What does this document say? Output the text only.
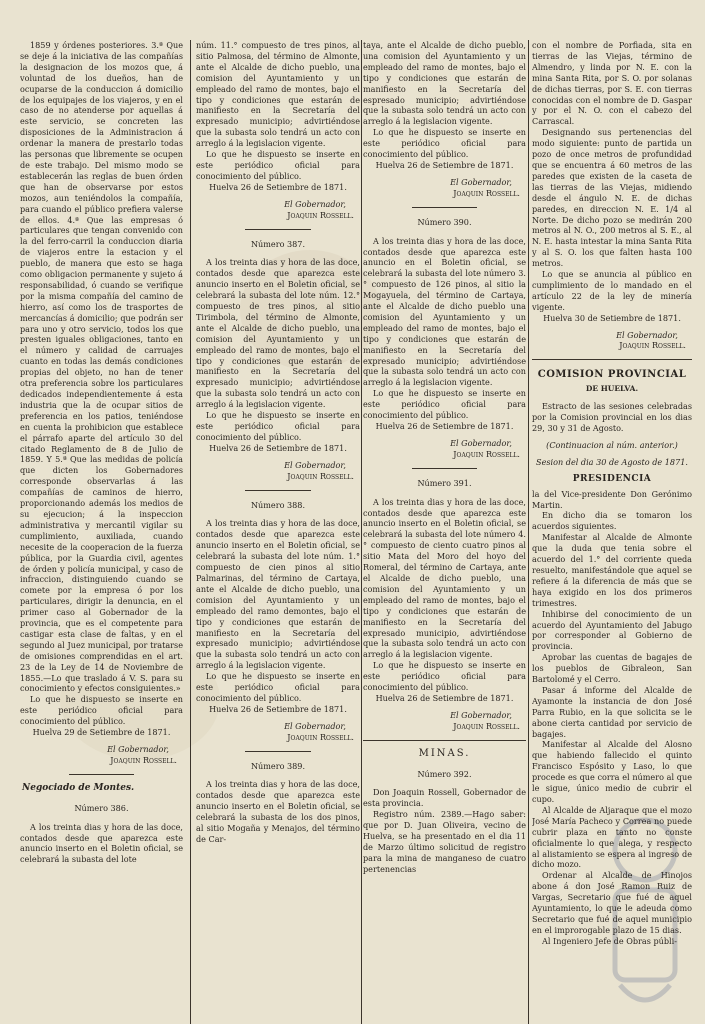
1859 y órdenes posteriores. 3.ª Que se deje á la iniciativa de las compañías la designacion de los mozos que, á voluntad de los dueños, han de ocuparse de la conduccion á domicilio de los equipajes de los viajeros, y en el caso de no atenderse por aquellas á este servicio, se concreten las disposiciones de la Administracion á ordenar la manera de prestarlo todas las personas que libremente se ocupen de este trabajo. Del mismo modo se establecerán las reglas de buen órden que han de observarse por estos mozos, aun teniéndolos la compañía, para cuando el público prefiera valerse de ellos. 4.ª Que las empresas ó particulares que tengan convenido con la del ferro-carril la conduccion diaria de viajeros entre la estacion y el pueblo, de manera que esto se haga como obligacion permanente y sujeto á responsabilidad, ó cuando se verifique por la misma compañía del camino de hierro, así como los de trasportes de mercancías á domicilio; que podrán ser para uno y otro servicio, todos los que presten iguales obligaciones, tanto en el número y calidad de carruajes cuanto en todas las demás condiciones propias del objeto, no han de tener otra preferencia sobre los particulares dedicados independientemente á esta industria que la de ocupar sitios de preferencia en los patios, teniéndose en cuenta la prohibicion que establece el párrafo aparte del artículo 30 del citado Reglamento de 8 de Julio de 1859. Y 5.ª Que las medidas de policía que dicten los Gobernadores corresponde observarlas á las compañías de caminos de hierro, proporcionando además los medios de su ejecucion; á la inspeccion administrativa y mercantil vigilar su cumplimiento, auxiliada, cuando necesite de la cooperacion de la fuerza pública, por la Guardia civil, agentes de órden y policía municipal, y caso de infraccion, distinguiendo cuando se comete por la empresa ó por los particulares, dirigir la denuncia, en el primer caso al Gobernador de la provincia, que es el competente para castigar esta clase de faltas, y en el segundo al Juez municipal, por tratarse de omisiones comprendidas en el art. 23 de la Ley de 14 de Noviembre de 1855.—Lo que traslado á V. S. para su conocimiento y efectos consiguientes.»

Lo que he dispuesto se inserte en este periódico oficial para conocimiento del público.

Huelva 29 de Setiembre de 1871.

El Gobernador,

Joaquin Rossell.

Negociado de Montes.

Número 386.

A los treinta dias y hora de las doce, contados desde que aparezca este anuncio inserto en el Boletin oficial, se celebrará la subasta del lote

núm. 11.° compuesto de tres pinos, al sitio Palmosa, del término de Almonte, ante el Alcalde de dicho pueblo, una comision del Ayuntamiento y un empleado del ramo de montes, bajo el tipo y condiciones que estarán de manifiesto en la Secretaría del expresado municipio; advirtiéndose que la subasta solo tendrá un acto con arreglo á la legislacion vigente.

Lo que he dispuesto se inserte en este periódico oficial para conocimiento del público.

Huelva 26 de Setiembre de 1871.

El Gobernador,

Joaquin Rossell.

Número 387.

A los treinta dias y hora de las doce, contados desde que aparezca este anuncio inserto en el Boletin oficial, se celebrará la subasta del lote núm. 12.° compuesto de tres pinos, al sitio Tirimbola, del término de Almonte, ante el Alcalde de dicho pueblo, una comision del Ayuntamiento y un empleado del ramo de montes, bajo el tipo y condiciones que estarán de manifiesto en la Secretaría del expresado municipio; advirtiéndose que la subasta solo tendrá un acto con arreglo á la legislacion vigente.

Lo que he dispuesto se inserte en este periódico oficial para conocimiento del público.

Huelva 26 de Setiembre de 1871.

El Gobernador,

Joaquin Rossell.

Número 388.

A los treinta dias y hora de las doce, contados desde que aparezca este anuncio inserto en el Boletin oficial, se celebrará la subasta del lote núm. 1.° compuesto de cien pinos al sitio Palmarinas, del término de Cartaya, ante el Alcalde de dicho pueblo, una comision del Ayuntamiento y un empleado del ramo demontes, bajo el tipo y condiciones que estarán de manifiesto en la Secretaría del expresado municipio; advirtiéndose que la subasta solo tendrá un acto con arreglo á la legislacion vigente.

Lo que he dispuesto se inserte en este periódico oficial para conocimiento del público.

Huelva 26 de Setiembre de 1871.

El Gobernador,

Joaquin Rossell.

Número 389.

A los treinta dias y hora de las doce, contados desde que aparezca este anuncio inserto en el Boletin oficial, se celebrará la subasta de los dos pinos, al sitio Mogaña y Menajos, del término de Car-

taya, ante el Alcalde de dicho pueblo, una comision del Ayuntamiento y un empleado del ramo de montes, bajo el tipo y condiciones que estarán de manifiesto en la Secretaría del espresado municipio; advirtiéndose que la subasta solo tendrá un acto con arreglo á la legislacion vigente.

Lo que he dispuesto se inserte en este periódico oficial para conocimiento del público.

Huelva 26 de Setiembre de 1871.

El Gobernador,

Joaquin Rossell.

Número 390.

A los treinta dias y hora de las doce, contados desde que aparezca este anuncio en el Boletin oficial, se celebrará la subasta del lote número 3.° compuesto de 126 pinos, al sitio la Mogayuela, del término de Cartaya, ante el Alcalde de dicho pueblo una comision del Ayuntamiento y un empleado del ramo de montes, bajo el tipo y condiciones que estarán de manifiesto en la Secretaría del expresado municipio; advirtiéndose que la subasta solo tendrá un acto con arreglo á la legislacion vigente.

Lo que he dispuesto se inserte en este periódico oficial para conocimiento del público.

Huelva 26 de Setiembre de 1871.

El Gobernador,

Joaquin Rossell.

Número 391.

A los treinta dias y hora de las doce, contados desde que aparezca este anuncio inserto en el Boletin oficial, se celebrará la subasta del lote número 4.° compuesto de ciento cuatro pinos al sitio Mata del Moro del hoyo del Romeral, del término de Cartaya, ante el Alcalde de dicho pueblo, una comision del Ayuntamiento y un empleado del ramo de montes, bajo el tipo y condiciones que estarán de manifiesto en la Secretaría del expresado municipio, advirtiéndose que la subasta solo tendrá un acto con arreglo á la legislacion vigente.

Lo que he dispuesto se inserte en este periódico oficial para conocimiento del público.

Huelva 26 de Setiembre de 1871.

El Gobernador,

Joaquin Rossell.

MINAS.

Número 392.

Don Joaquin Rossell, Gobernador de esta provincia.

Registro núm. 2389.—Hago saber: que por D. Juan Oliveira, vecino de Huelva, se ha presentado en el dia 11 de Marzo último solicitud de registro para la mina de manganeso de cuatro pertenencias

con el nombre de Porfiada, sita en tierras de las Viejas, término de Almendro, y linda por N. E. con la mina Santa Rita, por S. O. por solanas de dichas tierras, por S. E. con tierras conocidas con el nombre de D. Gaspar y por el N. O. con el cabezo del Carrascal.

Designando sus pertenencias del modo siguiente: punto de partida un pozo de once metros de profundidad que se encuentra á 60 metros de las paredes que existen de la caseta de las tierras de las Viejas, midiendo desde el ángulo N. E. de dichas paredes, en direccion N. E. 1/4 al Norte. De dicho pozo se medirán 200 metros al N. O., 200 metros al S. E., al N. E. hasta intestar la mina Santa Rita y al S. O. los que falten hasta 100 metros.

Lo que se anuncia al público en cumplimiento de lo mandado en el artículo 22 de la ley de minería vigente.

Huelva 30 de Setiembre de 1871.

El Gobernador,

Joaquin Rossell.

COMISION PROVINCIAL

DE HUELVA.

Estracto de las sesiones celebradas por la Comision provincial en los dias 29, 30 y 31 de Agosto.

(Continuacion al núm. anterior.)

Sesion del dia 30 de Agosto de 1871.

PRESIDENCIA

la del Vice-presidente Don Gerónimo Martin.

En dicho dia se tomaron los acuerdos siguientes.

Manifestar al Alcalde de Almonte que la duda que tenia sobre el acuerdo del 1.° del corriente queda resuelto, manifestándole que aquel se refiere á la diferencia de más que se haya exigido en los dos primeros trimestres.

Inhibirse del conocimiento de un acuerdo del Ayuntamiento del Jabugo por corresponder al Gobierno de provincia.

Aprobar las cuentas de bagajes de los pueblos de Gibraleon, San Bartolomé y el Cerro.

Pasar á informe del Alcalde de Ayamonte la instancia de don José Parra Rubio, en la que solicita se le abone cierta cantidad por servicio de bagajes.

Manifestar al Alcalde del Alosno que habiendo fallecido el quinto Francisco Espósito y Laso, lo que procede es que corra el número al que le sigue, único medio de cubrir el cupo.

Al Alcalde de Aljaraque que el mozo José María Pacheco y Correa no puede cubrir plaza en tanto no conste oficialmente lo que alega, y respecto al alistamiento se espera al ingreso de dicho mozo.

Ordenar al Alcalde de Hinojos abone á don José Ramon Ruiz de Vargas, Secretario que fué de aquel Ayuntamiento, lo que le adeuda como Secretario que fué de aquel municipio en el improrogable plazo de 15 dias.

Al Ingeniero Jefe de Obras públi-
